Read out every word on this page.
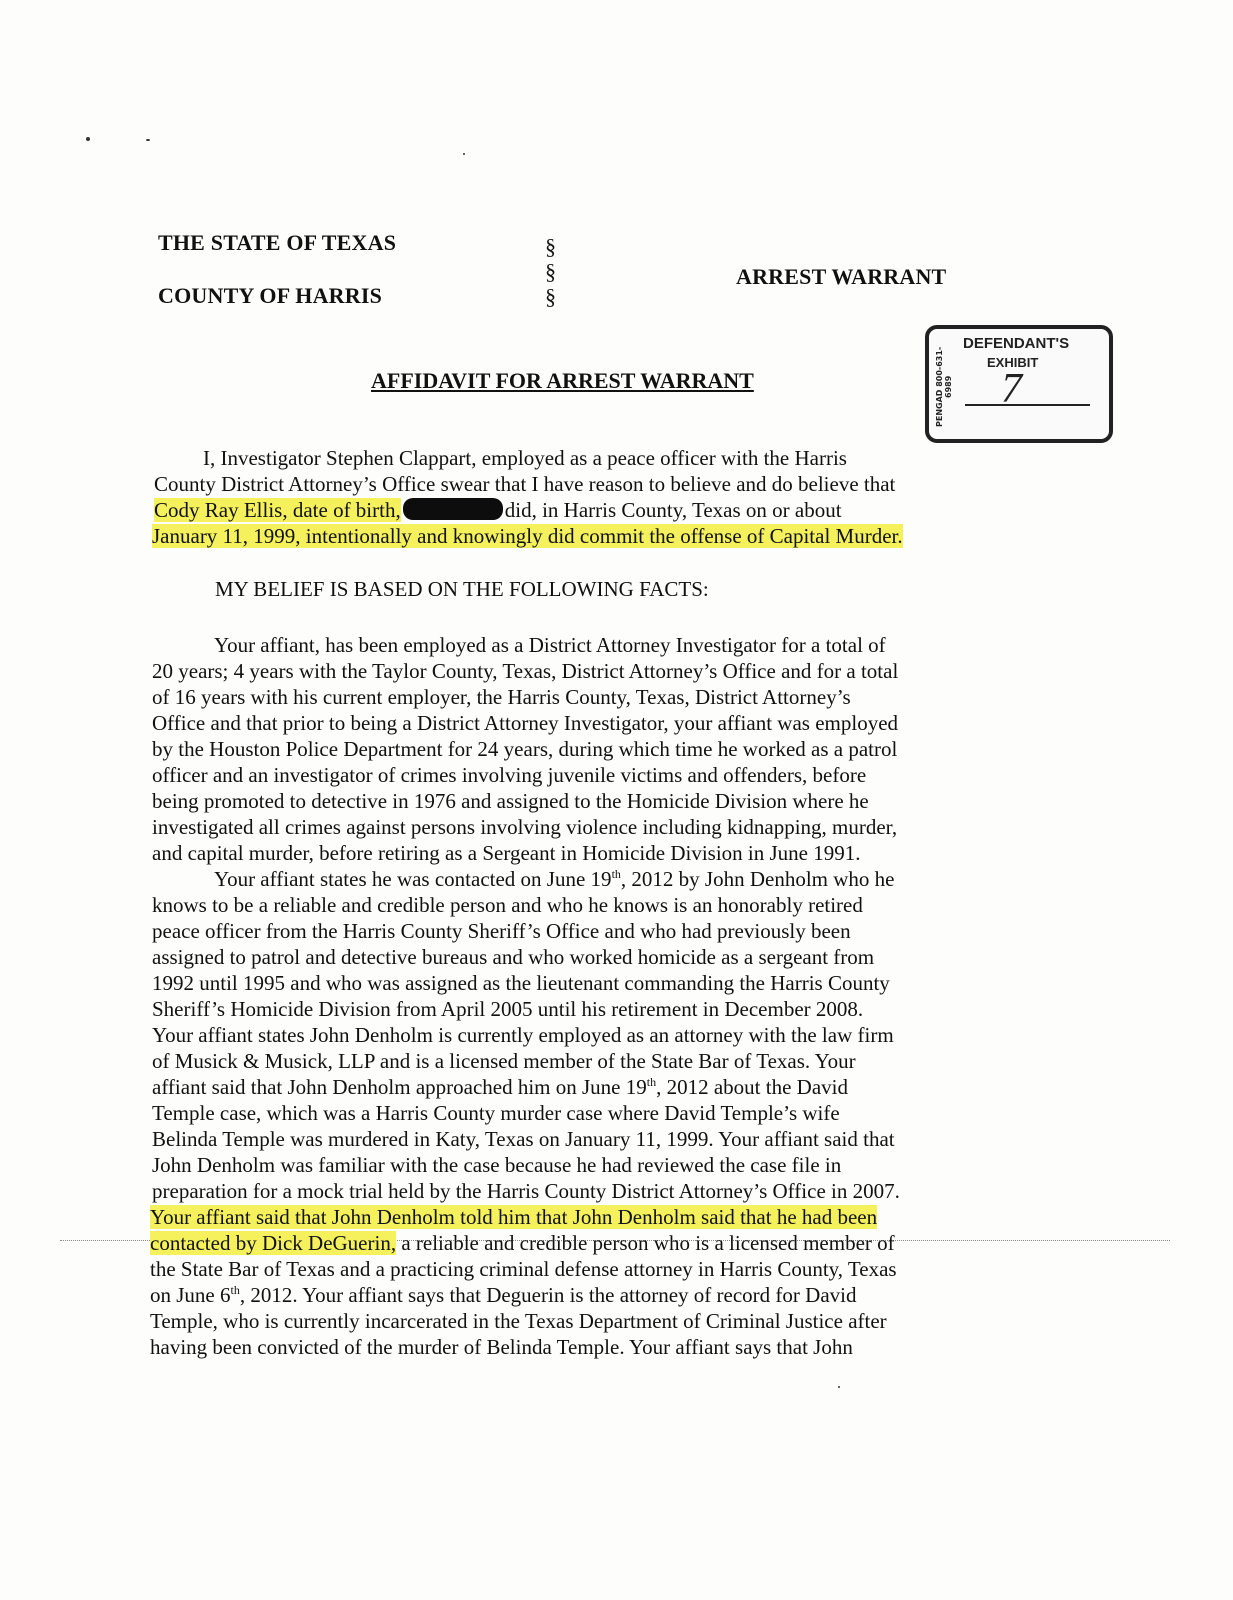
THE STATE OF TEXAS
COUNTY OF HARRIS
§
§
§
ARREST WARRANT
PENGAD 800-631-6989
DEFENDANT'S
EXHIBIT
7
AFFIDAVIT FOR ARREST WARRANT
I, Investigator Stephen Clappart, employed as a peace officer with the Harris
County District Attorney’s Office swear that I have reason to believe and do believe that
Cody Ray Ellis, date of birth,	did, in Harris County, Texas on or about
January 11, 1999, intentionally and knowingly did commit the offense of Capital Murder.
MY BELIEF IS BASED ON THE FOLLOWING FACTS:
Your affiant, has been employed as a District Attorney Investigator for a total of
20 years; 4 years with the Taylor County, Texas, District Attorney’s Office and for a total
of 16 years with his current employer, the Harris County, Texas, District Attorney’s
Office and that prior to being a District Attorney Investigator, your affiant was employed
by the Houston Police Department for 24 years, during which time he worked as a patrol
officer and an investigator of crimes involving juvenile victims and offenders, before
being promoted to detective in 1976 and assigned to the Homicide Division where he
investigated all crimes against persons involving violence including kidnapping, murder,
and capital murder, before retiring as a Sergeant in Homicide Division in June 1991.
Your affiant states he was contacted on June 19th, 2012 by John Denholm who he
knows to be a reliable and credible person and who he knows is an honorably retired
peace officer from the Harris County Sheriff’s Office and who had previously been
assigned to patrol and detective bureaus and who worked homicide as a sergeant from
1992 until 1995 and who was assigned as the lieutenant commanding the Harris County
Sheriff’s Homicide Division from April 2005 until his retirement in December 2008.
Your affiant states John Denholm is currently employed as an attorney with the law firm
of Musick & Musick, LLP and is a licensed member of the State Bar of Texas. Your
affiant said that John Denholm approached him on June 19th, 2012 about the David
Temple case, which was a Harris County murder case where David Temple’s wife
Belinda Temple was murdered in Katy, Texas on January 11, 1999. Your affiant said that
John Denholm was familiar with the case because he had reviewed the case file in
preparation for a mock trial held by the Harris County District Attorney’s Office in 2007.
Your affiant said that John Denholm told him that John Denholm said that he had been
contacted by Dick DeGuerin, a reliable and credible person who is a licensed member of
the State Bar of Texas and a practicing criminal defense attorney in Harris County, Texas
on June 6th, 2012. Your affiant says that Deguerin is the attorney of record for David
Temple, who is currently incarcerated in the Texas Department of Criminal Justice after
having been convicted of the murder of Belinda Temple. Your affiant says that John
